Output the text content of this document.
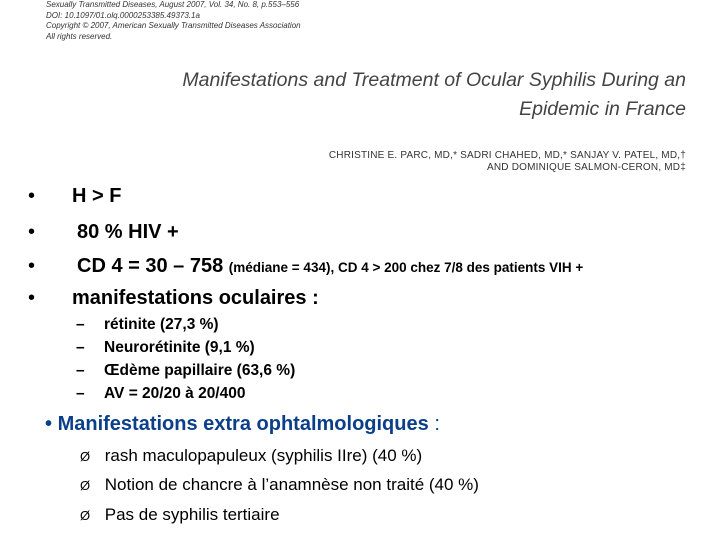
Sexually Transmitted Diseases, August 2007, Vol. 34, No. 8, p.553–556
DOI: 10.1097/01.olq.0000253385.49373.1a
Copyright © 2007, American Sexually Transmitted Diseases Association
All rights reserved.
Manifestations and Treatment of Ocular Syphilis During an
Epidemic in France
CHRISTINE E. PARC, MD,* SADRI CHAHED, MD,* SANJAY V. PATEL, MD,†
AND DOMINIQUE SALMON-CERON, MD‡
•	H > F
•	80 % HIV +
•	CD 4 = 30 – 758 (médiane = 434), CD 4 > 200 chez 7/8 des patients VIH +
•	manifestations oculaires :
– rétinite (27,3 %)
– Neurorétinite (9,1 %)
– Œdème papillaire (63,6 %)
– AV = 20/20 à 20/400
• Manifestations extra ophtalmologiques :
Ø rash maculopapuleux (syphilis IIre) (40 %)
Ø Notion de chancre à l’anamnèse non traité (40 %)
Ø Pas de syphilis tertiaire
